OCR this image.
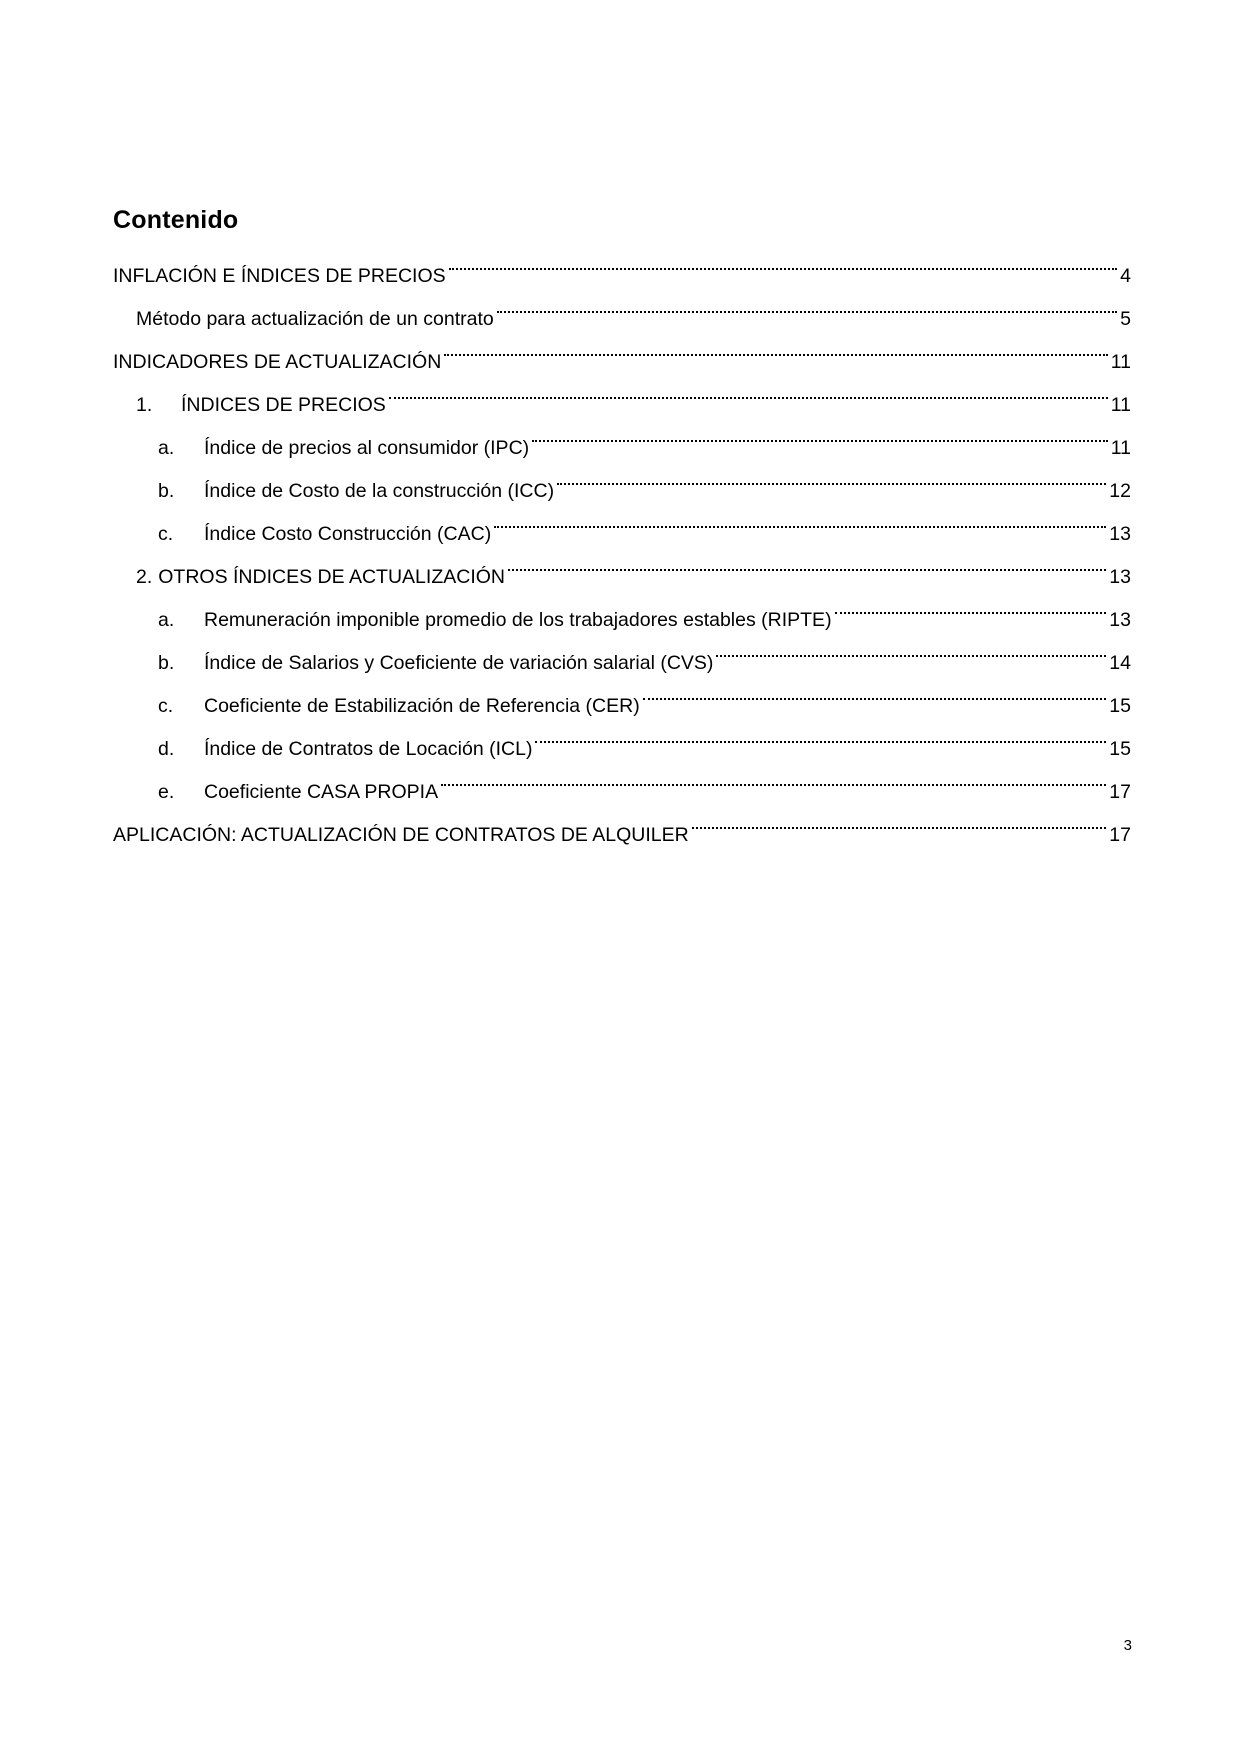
Contenido
INFLACIÓN E ÍNDICES DE PRECIOS	4
Método para actualización de un contrato	5
INDICADORES DE ACTUALIZACIÓN	11
1.	ÍNDICES DE PRECIOS	11
a.	Índice de precios al consumidor (IPC)	11
b.	Índice de Costo de la construcción (ICC)	12
c.	Índice Costo Construcción (CAC)	13
2. OTROS ÍNDICES DE ACTUALIZACIÓN	13
a.	Remuneración imponible promedio de los trabajadores estables (RIPTE)	13
b.	Índice de Salarios y Coeficiente de variación salarial (CVS)	14
c.	Coeficiente de Estabilización de Referencia (CER)	15
d.	Índice de Contratos de Locación (ICL)	15
e.	Coeficiente CASA PROPIA	17
APLICACIÓN: ACTUALIZACIÓN DE CONTRATOS DE ALQUILER	17

3
